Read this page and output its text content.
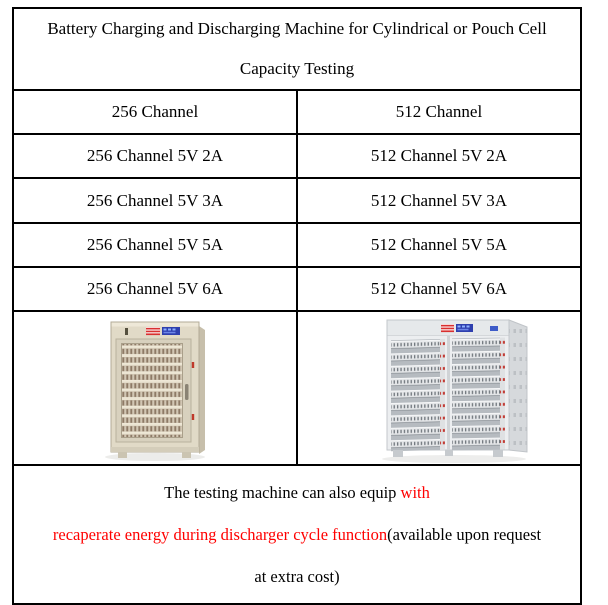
Battery Charging and Discharging Machine for Cylindrical or Pouch Cell
Capacity Testing	

256 Channel	512 Channel
256 Channel 5V 2A	512 Channel 5V 2A
256 Channel 5V 3A	512 Channel 5V 3A
256 Channel 5V 5A	512 Channel 5V 5A
256 Channel 5V 6A	512 Channel 5V 6A

The testing machine can also equip with
recaperate energy during discharger cycle function(available upon request
at extra cost)	
